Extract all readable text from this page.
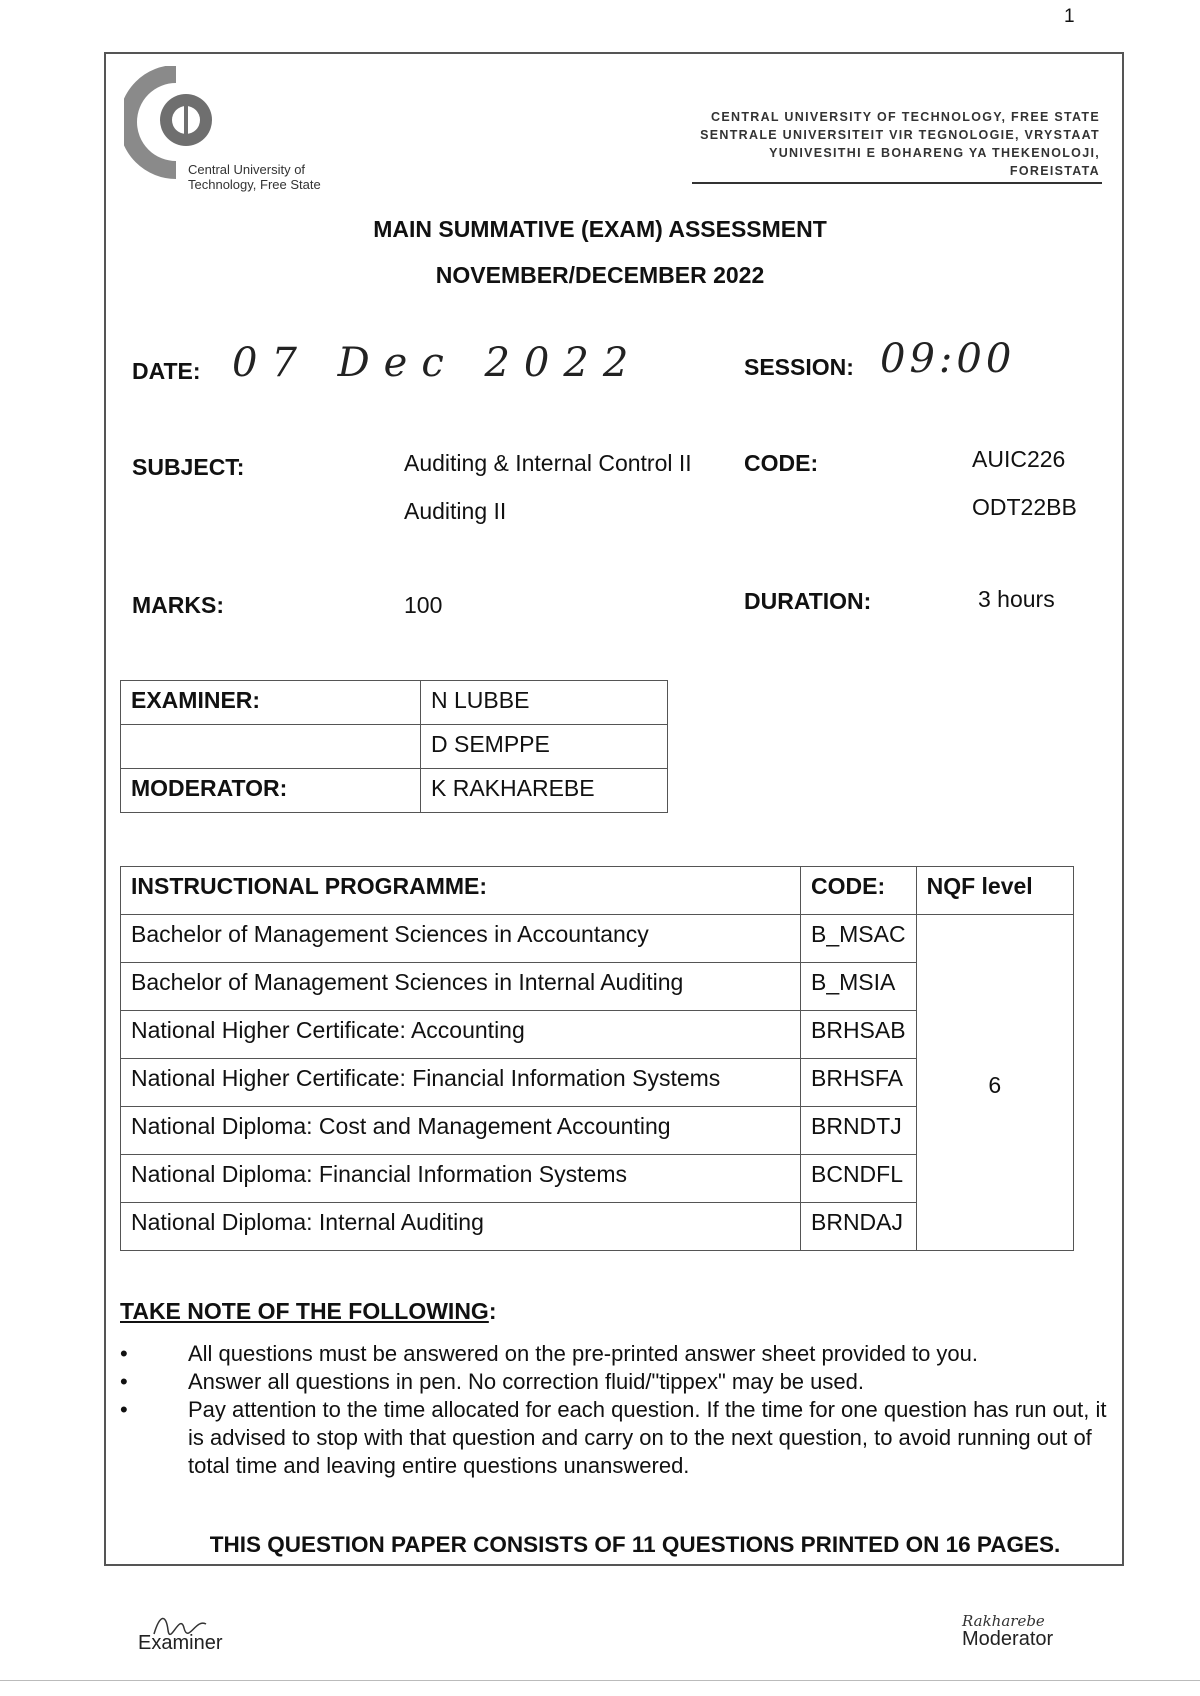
1
Central University of
Technology, Free State
CENTRAL UNIVERSITY OF TECHNOLOGY, FREE STATE
SENTRALE UNIVERSITEIT VIR TEGNOLOGIE, VRYSTAAT
YUNIVESITHI E BOHARENG YA THEKENOLOJI, FOREISTATA
MAIN SUMMATIVE (EXAM) ASSESSMENT
NOVEMBER/DECEMBER 2022
DATE: 07 Dec 2022	SESSION: 09:00
SUBJECT:	Auditing & Internal Control II
Auditing II
CODE:	AUIC226
ODT22BB
MARKS:	100	DURATION:	3 hours
EXAMINER:	N LUBBE
	D SEMPPE
MODERATOR:	K RAKHAREBE
INSTRUCTIONAL PROGRAMME:	CODE:	NQF level
Bachelor of Management Sciences in Accountancy	B_MSAC	6
Bachelor of Management Sciences in Internal Auditing	B_MSIA	
National Higher Certificate: Accounting	BRHSAB	
National Higher Certificate: Financial Information Systems	BRHSFA	
National Diploma: Cost and Management Accounting	BRNDTJ	
National Diploma: Financial Information Systems	BCNDFL	
National Diploma: Internal Auditing	BRNDAJ	
TAKE NOTE OF THE FOLLOWING:
•	All questions must be answered on the pre-printed answer sheet provided to you.
•	Answer all questions in pen. No correction fluid/"tippex" may be used.
•	Pay attention to the time allocated for each question. If the time for one question has run out, it is advised to stop with that question and carry on to the next question, to avoid running out of total time and leaving entire questions unanswered.
THIS QUESTION PAPER CONSISTS OF 11 QUESTIONS PRINTED ON 16 PAGES.
Examiner
Rakharebe
Moderator
